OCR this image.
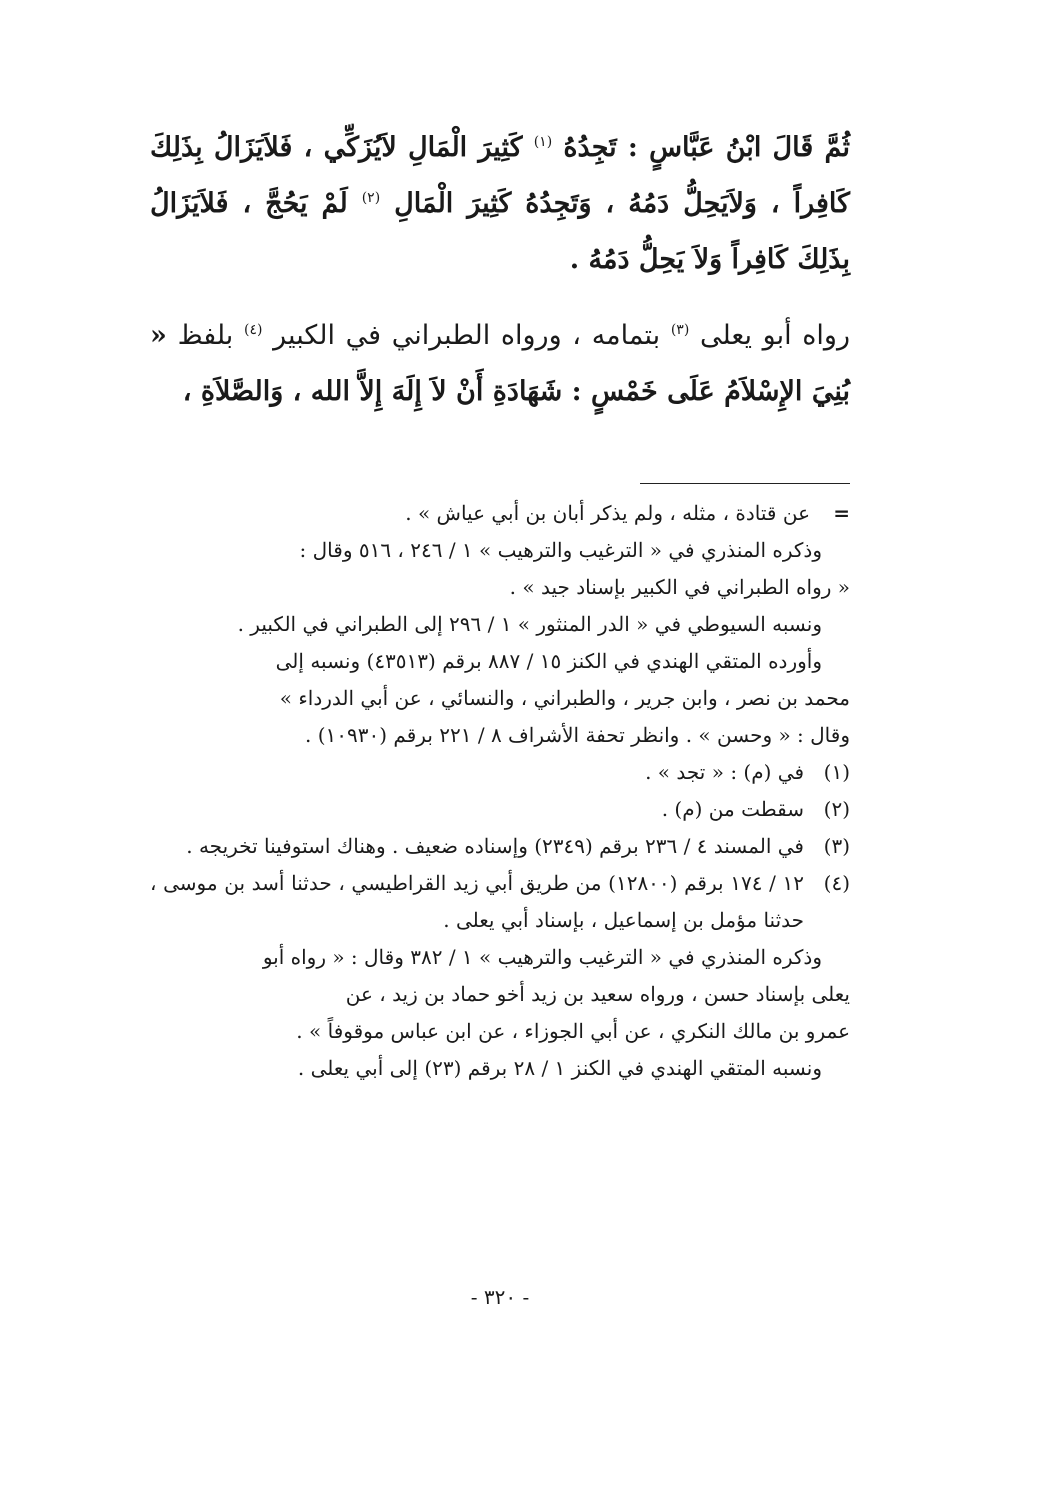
ثُمَّ قَالَ ابْنُ عَبَّاسٍ : تَجِدُهُ $^{(١)}$ كَثِيرَ الْمَالِ لاَيُزَكِّي ، فَلاَيَزَالُ بِذَلِكَ كَافِراً ، وَلاَيَحِلُّ دَمُهُ ، وَتَجِدُهُ كَثِيرَ الْمَالِ $^{(٢)}$ لَمْ يَحُجَّ ، فَلاَيَزَالُ بِذَلِكَ كَافِراً وَلاَ يَحِلُّ دَمُهُ .

رواه أبو يعلى $^{(٣)}$ بتمامه ، ورواه الطبراني في الكبير $^{(٤)}$ بلفظ « بُنِيَ الإِسْلاَمُ عَلَى خَمْسٍ : شَهَادَةِ أَنْ لاَ إِلَهَ إِلاَّ الله ، وَالصَّلاَةِ ،

=عن قتادة ، مثله ، ولم يذكر أبان بن أبي عياش » .

وذكره المنذري في « الترغيب والترهيب » ١ / ٢٤٦ ، ٥١٦ وقال :

« رواه الطبراني في الكبير بإسناد جيد » .

ونسبه السيوطي في « الدر المنثور » ١ / ٢٩٦ إلى الطبراني في الكبير .

وأورده المتقي الهندي في الكنز ١٥ / ٨٨٧ برقم (٤٣٥١٣) ونسبه إلى

محمد بن نصر ، وابن جرير ، والطبراني ، والنسائي ، عن أبي الدرداء »

وقال : « وحسن » . وانظر تحفة الأشراف ٨ / ٢٢١ برقم (١٠٩٣٠) .

(١)
في (م) : « تجد » .
(٢)
سقطت من (م) .
(٣)
في المسند ٤ / ٢٣٦ برقم (٢٣٤٩) وإسناده ضعيف . وهناك استوفينا تخريجه .
(٤)
١٢ / ١٧٤ برقم (١٢٨٠٠) من طريق أبي زيد القراطيسي ، حدثنا أسد بن موسى ، حدثنا مؤمل بن إسماعيل ، بإسناد أبي يعلى .

وذكره المنذري في « الترغيب والترهيب » ١ / ٣٨٢ وقال : « رواه أبو

يعلى بإسناد حسن ، ورواه سعيد بن زيد أخو حماد بن زيد ، عن

عمرو بن مالك النكري ، عن أبي الجوزاء ، عن ابن عباس موقوفاً » .

ونسبه المتقي الهندي في الكنز ١ / ٢٨ برقم (٢٣) إلى أبي يعلى .

- ٣٢٠ -
